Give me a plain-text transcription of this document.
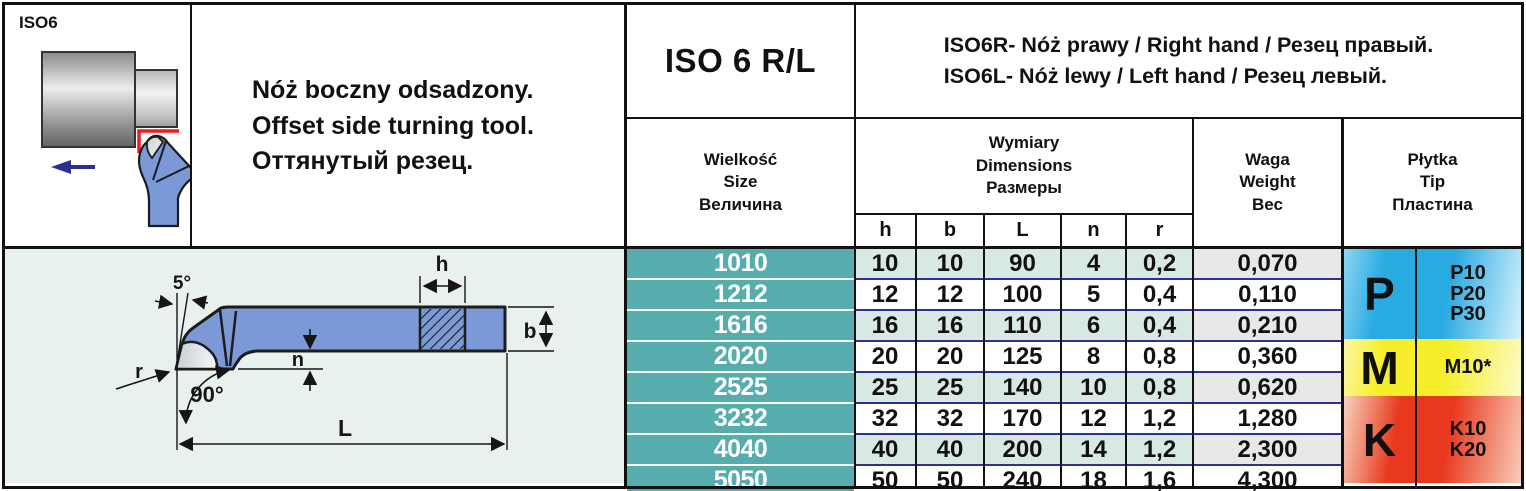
ISO6
Nóż boczny odsadzony.
Offset side turning tool.
Оттянутый резец.
ISO 6 R/L	ISO6R- Nóż prawy / Right hand / Резец правый.
ISO6L- Nóż lewy / Left hand / Резец левый.
Wielkość
Size
Величина
Wymiary
Dimensions
Размеры
h	b	L	n	r
Waga
Weight
Вес
Płytka
Tip
Пластина
5°
h
b
n
r
90°
L
1010	10	10	90	4	0,2	0,070
1212	12	12	100	5	0,4	0,110
1616	16	16	110	6	0,4	0,210
2020	20	20	125	8	0,8	0,360
2525	25	25	140	10	0,8	0,620
3232	32	32	170	12	1,2	1,280
4040	40	40	200	14	1,2	2,300
5050	50	50	240	18	1,6	4,300
P	P10
P20
P30
M	M10*
K	K10
K20
